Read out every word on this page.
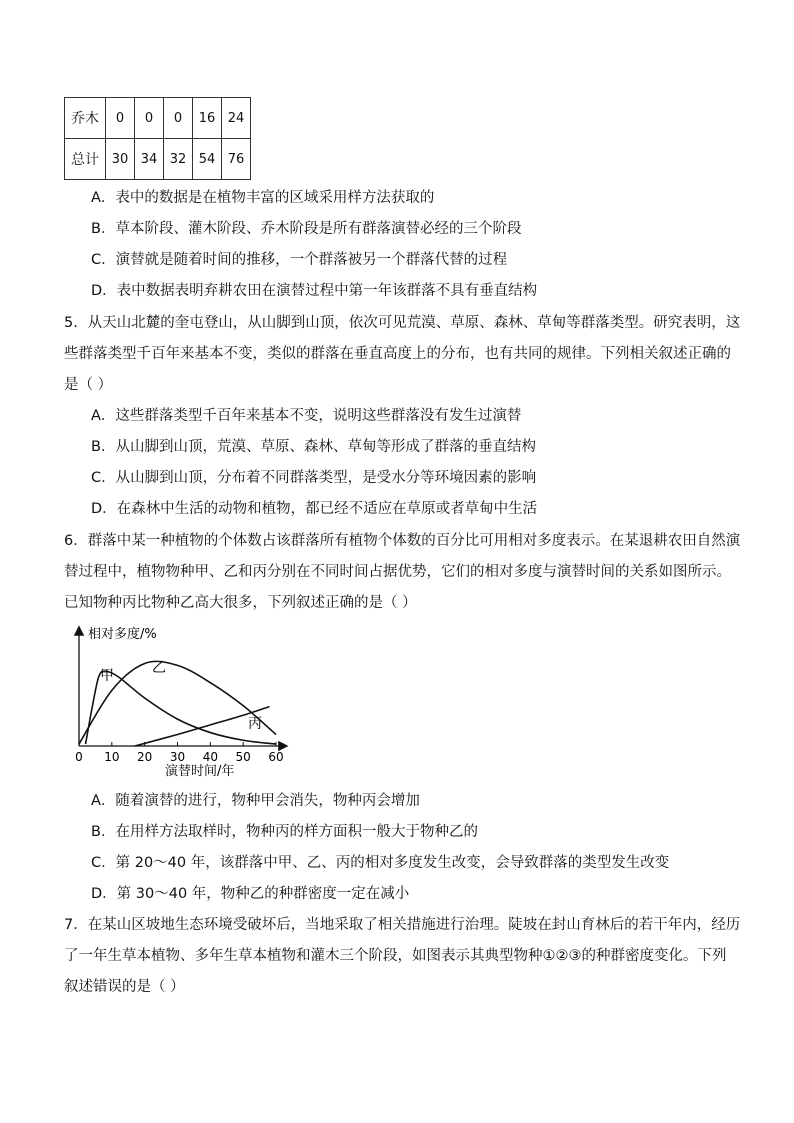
乔木	0	0	0	16	24
总计	30	34	32	54	76
A．表中的数据是在植物丰富的区域采用样方法获取的
B．草本阶段、灌木阶段、乔木阶段是所有群落演替必经的三个阶段
C．演替就是随着时间的推移，一个群落被另一个群落代替的过程
D．表中数据表明弃耕农田在演替过程中第一年该群落不具有垂直结构
5．从天山北麓的奎屯登山，从山脚到山顶，依次可见荒漠、草原、森林、草甸等群落类型。研究表明，这
些群落类型千百年来基本不变，类似的群落在垂直高度上的分布，也有共同的规律。下列相关叙述正确的
是（ ）
A．这些群落类型千百年来基本不变，说明这些群落没有发生过演替
B．从山脚到山顶，荒漠、草原、森林、草甸等形成了群落的垂直结构
C．从山脚到山顶，分布着不同群落类型，是受水分等环境因素的影响
D．在森林中生活的动物和植物，都已经不适应在草原或者草甸中生活
6．群落中某一种植物的个体数占该群落所有植物个体数的百分比可用相对多度表示。在某退耕农田自然演
替过程中，植物物种甲、乙和丙分别在不同时间占据优势，它们的相对多度与演替时间的关系如图所示。
已知物种丙比物种乙高大很多，下列叙述正确的是（ ）
相对多度/%
演替时间/年
0 10 20 30 40 50 60
甲	乙
丙
A．随着演替的进行，物种甲会消失，物种丙会增加
B．在用样方法取样时，物种丙的样方面积一般大于物种乙的
C．第 20～40 年，该群落中甲、乙、丙的相对多度发生改变，会导致群落的类型发生改变
D．第 30～40 年，物种乙的种群密度一定在减小
7．在某山区坡地生态环境受破坏后，当地采取了相关措施进行治理。陡坡在封山育林后的若干年内，经历
了一年生草本植物、多年生草本植物和灌木三个阶段，如图表示其典型物种①②③的种群密度变化。下列
叙述错误的是（ ）
